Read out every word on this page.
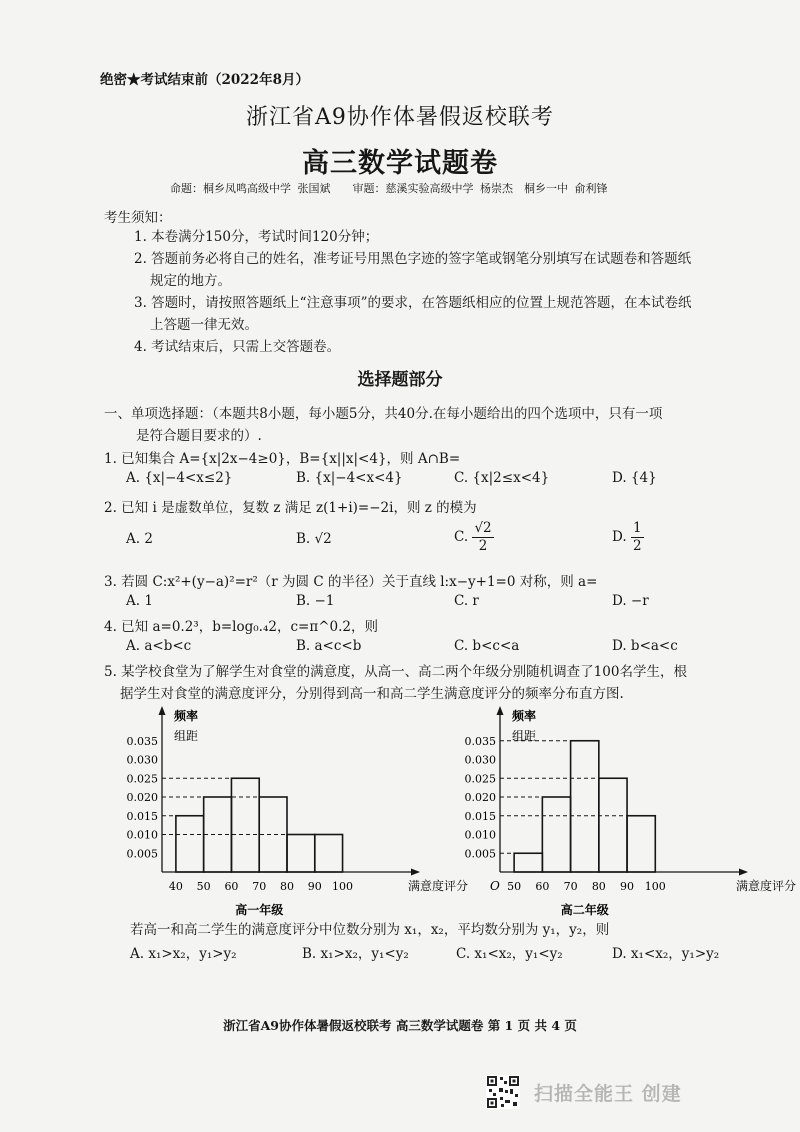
绝密★考试结束前（2022年8月）
浙江省A9协作体暑假返校联考
高三数学试题卷
命题：桐乡凤鸣高级中学 张国斌　　审题：慈溪实验高级中学 杨崇杰　桐乡一中 俞利锋
考生须知：
1. 本卷满分150分，考试时间120分钟；
2. 答题前务必将自己的姓名，准考证号用黑色字迹的签字笔或钢笔分别填写在试题卷和答题纸
规定的地方。
3. 答题时，请按照答题纸上“注意事项”的要求，在答题纸相应的位置上规范答题，在本试卷纸
上答题一律无效。
4. 考试结束后，只需上交答题卷。
选择题部分
一、单项选择题：（本题共8小题，每小题5分，共40分.在每小题给出的四个选项中，只有一项
是符合题目要求的）.
1. 已知集合 A={x|2x−4≥0}，B={x||x|<4}，则 A∩B=
A. {x|−4<x≤2}	B. {x|−4<x<4}	C. {x|2≤x<4}	D. {4}
2. 已知 i 是虚数单位，复数 z 满足 z(1+i)=−2i，则 z 的模为
A. 2	B. √2	C. $\frac{√2}{2}$	D. $\frac{1}{2}$
3. 若圆 C:x²+(y−a)²=r²（r 为圆 C 的半径）关于直线 l:x−y+1=0 对称，则 a=
A. 1	B. −1	C. r	D. −r
4. 已知 a=0.2³，b=log₀.₄2，c=π^0.2，则
A. a<b<c	B. a<c<b	C. b<c<a	D. b<a<c
5. 某学校食堂为了解学生对食堂的满意度，从高一、高二两个年级分别随机调查了100名学生，根
据学生对食堂的满意度评分，分别得到高一和高二学生满意度评分的频率分布直方图.
频率
组距
满意度评分
0.035
0.030
0.025
0.020
0.015
0.010
0.005
40 50 60 70 80 90 100
高一年级
频率
组距
满意度评分
0.035
0.030
0.025
0.020
0.015
0.010
0.005
50 60 70 80 90 100
O
高二年级
若高一和高二学生的满意度评分中位数分别为 x₁，x₂，平均数分别为 y₁，y₂，则
A. x₁>x₂，y₁>y₂	B. x₁>x₂，y₁<y₂	C. x₁<x₂，y₁<y₂	D. x₁<x₂，y₁>y₂
浙江省A9协作体暑假返校联考 高三数学试题卷 第 1 页 共 4 页
扫描全能王 创建
